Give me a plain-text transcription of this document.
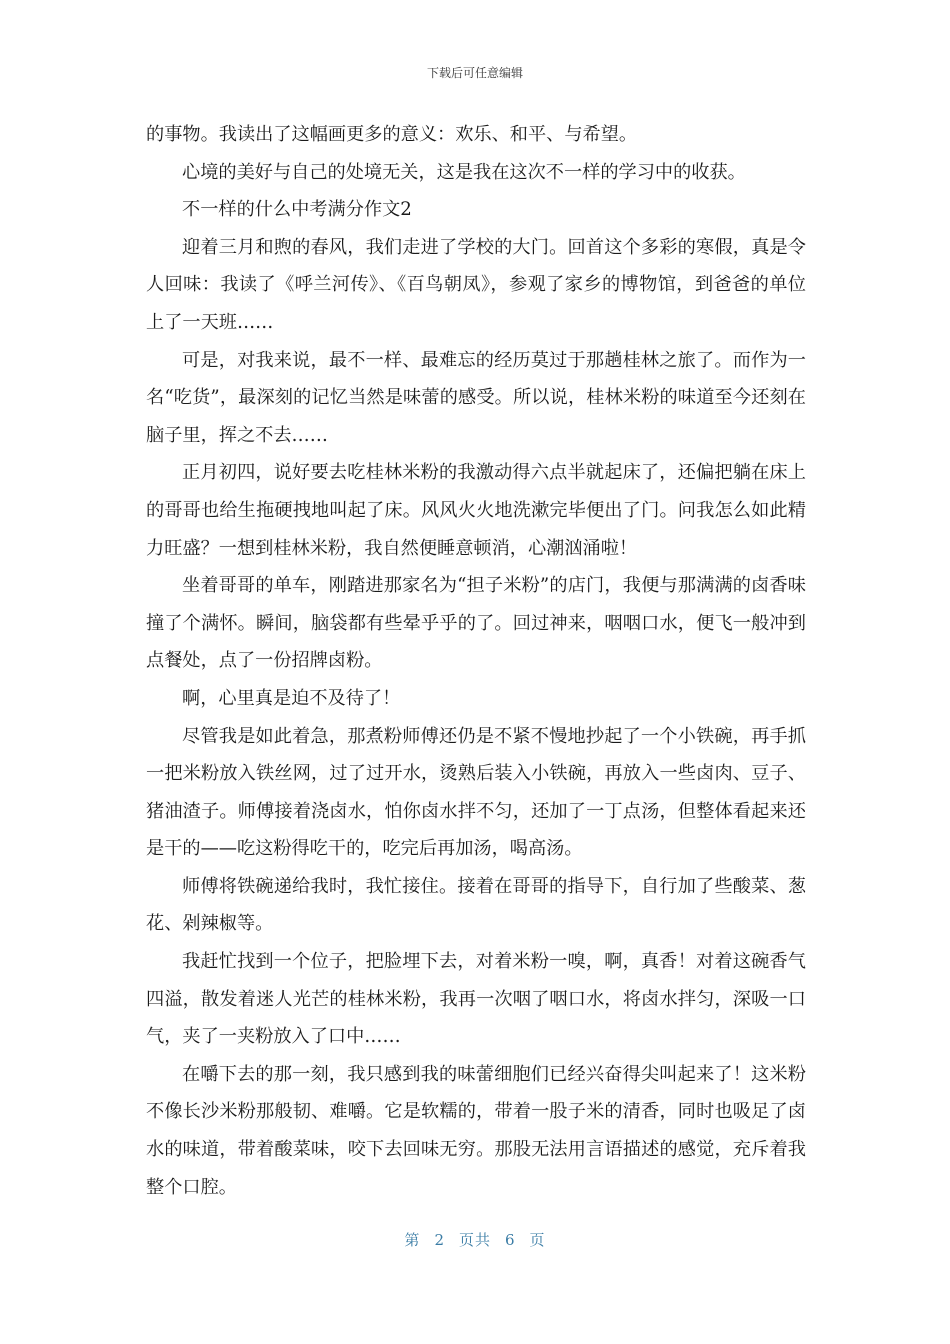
下载后可任意编辑

的事物。我读出了这幅画更多的意义：欢乐、和平、与希望。

心境的美好与自己的处境无关，这是我在这次不一样的学习中的收获。

不一样的什么中考满分作文2

迎着三月和煦的春风，我们走进了学校的大门。回首这个多彩的寒假，真是令人回味：我读了《呼兰河传》、《百鸟朝凤》，参观了家乡的博物馆，到爸爸的单位上了一天班……

可是，对我来说，最不一样、最难忘的经历莫过于那趟桂林之旅了。而作为一名“吃货”，最深刻的记忆当然是味蕾的感受。所以说，桂林米粉的味道至今还刻在脑子里，挥之不去……

正月初四，说好要去吃桂林米粉的我激动得六点半就起床了，还偏把躺在床上的哥哥也给生拖硬拽地叫起了床。风风火火地洗漱完毕便出了门。问我怎么如此精力旺盛？一想到桂林米粉，我自然便睡意顿消，心潮汹涌啦！

坐着哥哥的单车，刚踏进那家名为“担子米粉”的店门，我便与那满满的卤香味撞了个满怀。瞬间，脑袋都有些晕乎乎的了。回过神来，咽咽口水，便飞一般冲到点餐处，点了一份招牌卤粉。

啊，心里真是迫不及待了！

尽管我是如此着急，那煮粉师傅还仍是不紧不慢地抄起了一个小铁碗，再手抓一把米粉放入铁丝网，过了过开水，烫熟后装入小铁碗，再放入一些卤肉、豆子、猪油渣子。师傅接着浇卤水，怕你卤水拌不匀，还加了一丁点汤，但整体看起来还是干的——吃这粉得吃干的，吃完后再加汤，喝高汤。

师傅将铁碗递给我时，我忙接住。接着在哥哥的指导下，自行加了些酸菜、葱花、剁辣椒等。

我赶忙找到一个位子，把脸埋下去，对着米粉一嗅，啊，真香！对着这碗香气四溢，散发着迷人光芒的桂林米粉，我再一次咽了咽口水，将卤水拌匀，深吸一口气，夹了一夹粉放入了口中……

在嚼下去的那一刻，我只感到我的味蕾细胞们已经兴奋得尖叫起来了！这米粉不像长沙米粉那般韧、难嚼。它是软糯的，带着一股子米的清香，同时也吸足了卤水的味道，带着酸菜味，咬下去回味无穷。那股无法用言语描述的感觉，充斥着我整个口腔。

第 2 页共 6 页
